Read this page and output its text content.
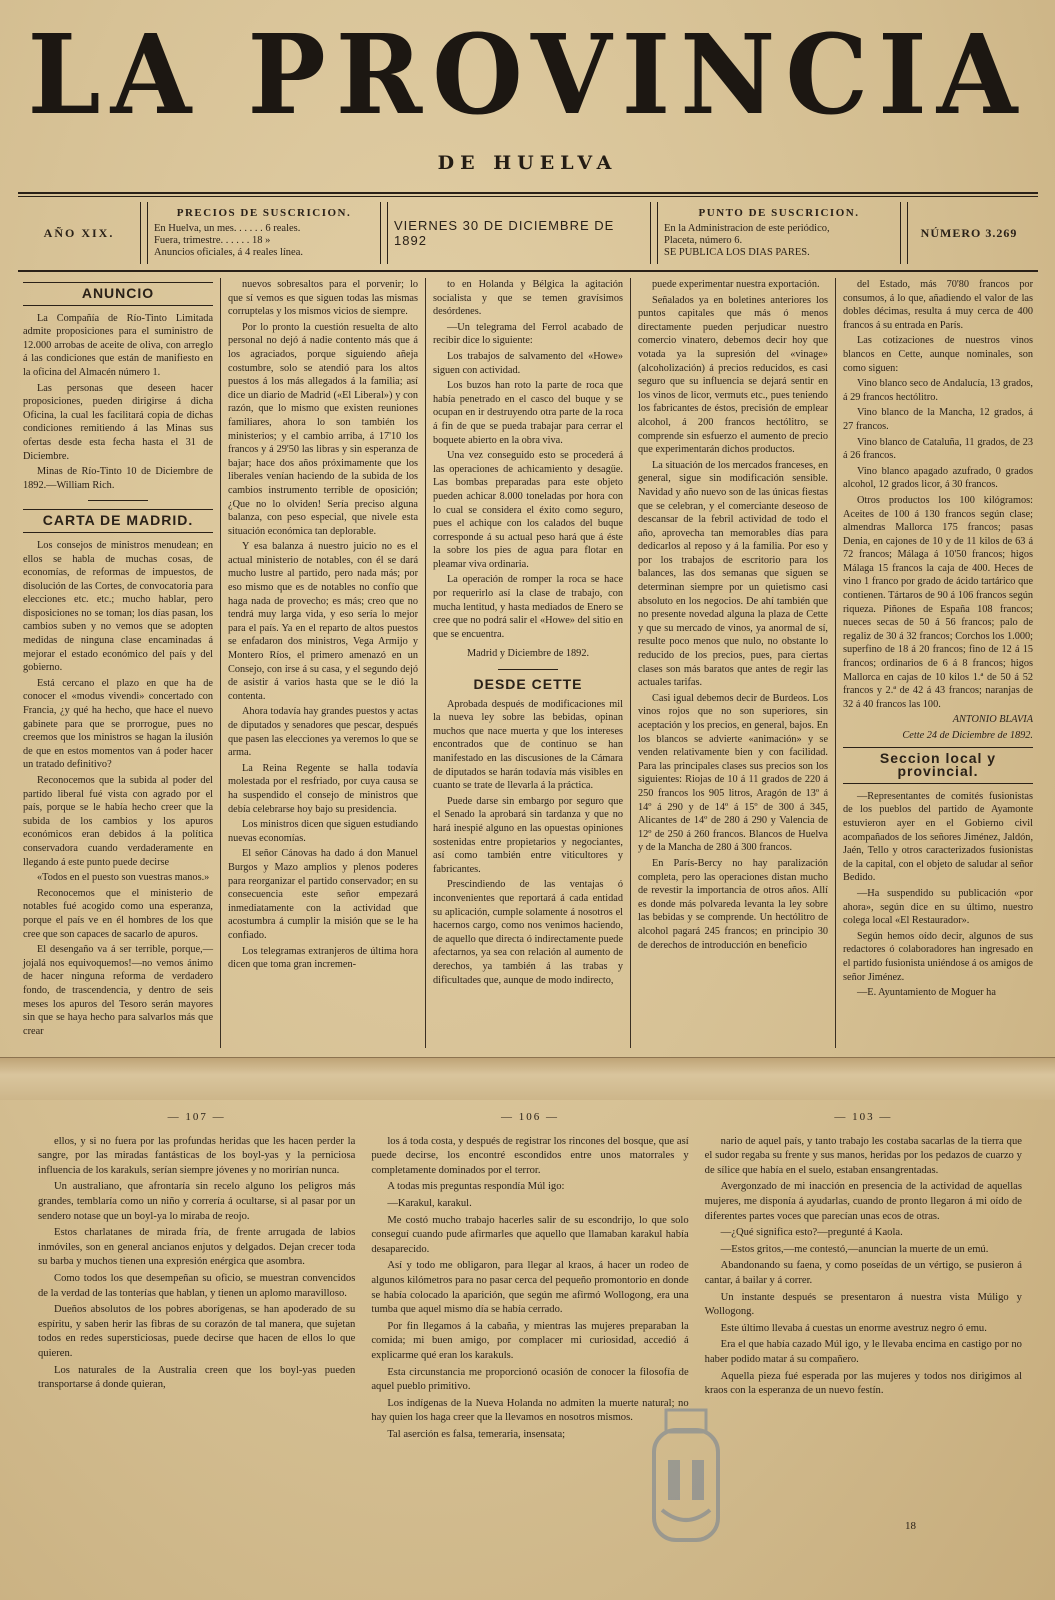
LA PROVINCIA
DE HUELVA
AÑO XIX.
PRECIOS DE SUSCRICION.
En Huelva, un mes. . . . . . 6 reales.
Fuera, trimestre. . . . . . 18 »
Anuncios oficiales, á 4 reales línea.
VIERNES 30 DE DICIEMBRE DE 1892
PUNTO DE SUSCRICION.
En la Administracion de este periódico,
Placeta, número 6.
SE PUBLICA LOS DIAS PARES.
NÚMERO 3.269

ANUNCIO

La Compañía de Río-Tinto Limitada admite proposiciones para el suministro de 12.000 arrobas de aceite de oliva, con arreglo á las condiciones que están de manifiesto en la oficina del Almacén número 1.

Las personas que deseen hacer proposiciones, pueden dirigirse á dicha Oficina, la cual les facilitará copia de dichas condiciones remitiendo á las Minas sus ofertas desde esta fecha hasta el 31 de Diciembre.

Minas de Río-Tinto 10 de Diciembre de 1892.—William Rich.

CARTA DE MADRID.

Los consejos de ministros menudean; en ellos se habla de muchas cosas, de economías, de reformas de impuestos, de disolución de las Cortes, de convocatoria para elecciones etc. etc.; mucho hablar, pero disposiciones no se toman; los días pasan, los cambios suben y no vemos que se adopten medidas de ninguna clase encaminadas á mejorar el estado económico del país y del gobierno.

Está cercano el plazo en que ha de conocer el «modus vivendi» concertado con Francia, ¿y qué ha hecho, que hace el nuevo gabinete para que se prorrogue, pues no creemos que los ministros se hagan la ilusión de que en estos momentos van á poder hacer un tratado definitivo?

Reconocemos que la subida al poder del partido liberal fué vista con agrado por el país, porque se le había hecho creer que la subida de los cambios y los apuros económicos eran debidos á la política conservadora cuando verdaderamente en llegando á este punto puede decirse

«Todos en el puesto son vuestras manos.»

Reconocemos que el ministerio de notables fué acogido como una esperanza, porque el país ve en él hombres de los que cree que son capaces de sacarlo de apuros.

El desengaño va á ser terrible, porque,—jojalá nos equivoquemos!—no vemos ánimo de hacer ninguna reforma de verdadero fondo, de trascendencia, y dentro de seis meses los apuros del Tesoro serán mayores sin que se haya hecho para salvarlos más que crear

nuevos sobresaltos para el porvenir; lo que sí vemos es que siguen todas las mismas corruptelas y los mismos vicios de siempre.

Por lo pronto la cuestión resuelta de alto personal no dejó á nadie contento más que á los agraciados, porque siguiendo añeja costumbre, solo se atendió para los altos puestos á los más allegados á la familia; así dice un diario de Madrid («El Liberal») y con razón, que lo mismo que existen reuniones familiares, ahora lo son también los ministerios; y el cambio arriba, á 17'10 los francos y á 29'50 las libras y sin esperanza de bajar; hace dos años próximamente que los liberales venían haciendo de la subida de los cambios instrumento terrible de oposición; ¿Que no lo olviden! Sería preciso alguna balanza, con peso especial, que nivele esta situación económica tan deplorable.

Y esa balanza á nuestro juicio no es el actual ministerio de notables, con él se dará mucho lustre al partido, pero nada más; por eso mismo que es de notables no confío que haga nada de provecho; es más; creo que no tendrá muy larga vida, y eso sería lo mejor para el país. Ya en el reparto de altos puestos se enfadaron dos ministros, Vega Armijo y Montero Ríos, el primero amenazó en un Consejo, con irse á su casa, y el segundo dejó de asistir á varios hasta que se le dió la contenta.

Ahora todavía hay grandes puestos y actas de diputados y senadores que pescar, después que pasen las elecciones ya veremos lo que se arma.

La Reina Regente se halla todavía molestada por el resfriado, por cuya causa se ha suspendido el consejo de ministros que debía celebrarse hoy bajo su presidencia.

Los ministros dicen que siguen estudiando nuevas economías.

El señor Cánovas ha dado á don Manuel Burgos y Mazo amplios y plenos poderes para reorganizar el partido conservador; en su consecuencia este señor empezará inmediatamente con la actividad que acostumbra á cumplir la misión que se le ha confiado.

Los telegramas extranjeros de última hora dicen que toma gran incremen-

to en Holanda y Bélgica la agitación socialista y que se temen gravísimos desórdenes.

—Un telegrama del Ferrol acabado de recibir dice lo siguiente:

Los trabajos de salvamento del «Howe» siguen con actividad.

Los buzos han roto la parte de roca que había penetrado en el casco del buque y se ocupan en ir destruyendo otra parte de la roca á fin de que se pueda trabajar para cerrar el boquete abierto en la obra viva.

Una vez conseguido esto se procederá á las operaciones de achicamiento y desagüe. Las bombas preparadas para este objeto pueden achicar 8.000 toneladas por hora con lo cual se considera el éxito como seguro, pues el achique con los calados del buque corresponde á su actual peso hará que á éste la sobre los pies de agua para flotar en pleamar viva ordinaria.

La operación de romper la roca se hace por requerirlo así la clase de trabajo, con mucha lentitud, y hasta mediados de Enero se cree que no podrá salir el «Howe» del sitio en que se encuentra.

Madrid y Diciembre de 1892.

DESDE CETTE

Aprobada después de modificaciones mil la nueva ley sobre las bebidas, opinan muchos que nace muerta y que los intereses encontrados que de continuo se han manifestado en las discusiones de la Cámara de diputados se harán todavía más visibles en cuanto se trate de llevarla á la práctica.

Puede darse sin embargo por seguro que el Senado la aprobará sin tardanza y que no hará inespié alguno en las opuestas opiniones sostenidas entre propietarios y negociantes, así como también entre viticultores y fabricantes.

Prescindiendo de las ventajas ó inconvenientes que reportará á cada entidad su aplicación, cumple solamente á nosotros el hacernos cargo, como nos venimos haciendo, de aquello que directa ó indirectamente puede afectarnos, ya sea con relación al aumento de derechos, ya también á las trabas y dificultades que, aunque de modo indirecto,

puede experimentar nuestra exportación.

Señalados ya en boletines anteriores los puntos capitales que más ó menos directamente pueden perjudicar nuestro comercio vinatero, debemos decir hoy que votada ya la supresión del «vinage» (alcoholización) á precios reducidos, es casi seguro que su influencia se dejará sentir en los vinos de licor, vermuts etc., pues teniendo los fabricantes de éstos, precisión de emplear alcohol, á 200 francos hectólitro, se comprende sin esfuerzo el aumento de precio que experimentarán dichos productos.

La situación de los mercados franceses, en general, sigue sin modificación sensible. Navidad y año nuevo son de las únicas fiestas que se celebran, y el comerciante deseoso de descansar de la febril actividad de todo el año, aprovecha tan memorables días para dedicarlos al reposo y á la familia. Por eso y por los trabajos de escritorio para los balances, las dos semanas que siguen se determinan siempre por un quietismo casi absoluto en los negocios. De ahí también que no presente novedad alguna la plaza de Cette y que su mercado de vinos, ya anormal de sí, resulte poco menos que nulo, no obstante lo reducido de los precios, pues, para ciertas clases son más baratos que antes de regir las actuales tarifas.

Casi igual debemos decir de Burdeos. Los vinos rojos que no son superiores, sin aceptación y los precios, en general, bajos. En los blancos se advierte «animación» y se venden relativamente bien y con facilidad. Para las principales clases sus precios son los siguientes: Riojas de 10 á 11 grados de 220 á 250 francos los 905 litros, Aragón de 13º á 14º á 290 y de 14º á 15º de 300 á 345, Alicantes de 14º de 280 á 290 y Valencia de 12º de 250 á 260 francos. Blancos de Huelva y de la Mancha de 280 á 300 francos.

En París-Bercy no hay paralización completa, pero las operaciones distan mucho de revestir la importancia de otros años. Allí es donde más polvareda levanta la ley sobre las bebidas y se comprende. Un hectólitro de alcohol pagará 245 francos; en principio 30 de derechos de introducción en beneficio

del Estado, más 70'80 francos por consumos, á lo que, añadiendo el valor de las dobles décimas, resulta á muy cerca de 400 francos á su entrada en París.

Las cotizaciones de nuestros vinos blancos en Cette, aunque nominales, son como siguen:

Vino blanco seco de Andalucía, 13 grados, á 29 francos hectólitro.

Vino blanco de la Mancha, 12 grados, á 27 francos.

Vino blanco de Cataluña, 11 grados, de 23 á 26 francos.

Vino blanco apagado azufrado, 0 grados alcohol, 12 grados licor, á 30 francos.

Otros productos los 100 kilógramos: Aceites de 100 á 130 francos según clase; almendras Mallorca 175 francos; pasas Denia, en cajones de 10 y de 11 kilos de 63 á 72 francos; Málaga á 10'50 francos; higos Málaga 15 francos la caja de 400. Heces de vino 1 franco por grado de ácido tartárico que contienen. Tártaros de 90 á 106 francos según riqueza. Piñones de España 108 francos; nueces secas de 50 á 56 francos; palo de regaliz de 30 á 32 francos; Corchos los 1.000; superfino de 18 á 20 francos; fino de 12 á 15 francos; ordinarios de 6 á 8 francos; higos Mallorca en cajas de 10 kilos 1.ª de 50 á 52 francos y 2.ª de 42 á 43 francos; naranjas de 32 á 40 francos las 100.

ANTONIO BLAVIA

Cette 24 de Diciembre de 1892.

Seccion local y provincial.

—Representantes de comités fusionistas de los pueblos del partido de Ayamonte estuvieron ayer en el Gobierno civil acompañados de los señores Jiménez, Jaldón, Jaén, Tello y otros caracterizados fusionistas de la capital, con el objeto de saludar al señor Bedido.

—Ha suspendido su publicación «por ahora», según dice en su último, nuestro colega local «El Restaurador».

Según hemos oído decir, algunos de sus redactores ó colaboradores han ingresado en el partido fusionista uniéndose á os amigos de señor Jiménez.

—E. Ayuntamiento de Moguer ha

— 107 —

ellos, y si no fuera por las profundas heridas que les hacen perder la sangre, por las miradas fantásticas de los boyl-yas y la perniciosa influencia de los karakuls, serían siempre jóvenes y no morirían nunca.

Un australiano, que afrontaría sin recelo alguno los peligros más grandes, temblaría como un niño y correría á ocultarse, si al pasar por un sendero notase que un boyl-ya lo miraba de reojo.

Estos charlatanes de mirada fría, de frente arrugada de labios inmóviles, son en general ancianos enjutos y delgados. Dejan crecer toda su barba y muchos tienen una expresión enérgica que asombra.

Como todos los que desempeñan su oficio, se muestran convencidos de la verdad de las tonterías que hablan, y tienen un aplomo maravilloso.

Dueños absolutos de los pobres aborígenas, se han apoderado de su espíritu, y saben herir las fibras de su corazón de tal manera, que sujetan todos en redes supersticiosas, puede decirse que hacen de ellos lo que quieren.

Los naturales de la Australia creen que los boyl-yas pueden transportarse á donde quieran,

— 106 —

los á toda costa, y después de registrar los rincones del bosque, que así puede decirse, los encontré escondidos entre unos matorrales y completamente dominados por el terror.

A todas mis preguntas respondía Múl igo:

—Karakul, karakul.

Me costó mucho trabajo hacerles salir de su escondrijo, lo que solo conseguí cuando pude afirmarles que aquello que llamaban karakul había desaparecido.

Así y todo me obligaron, para llegar al kraos, á hacer un rodeo de algunos kilómetros para no pasar cerca del pequeño promontorio en donde se había colocado la aparición, que según me afirmó Wollogong, era una tumba que aquel mismo día se había cerrado.

Por fin llegamos á la cabaña, y mientras las mujeres preparaban la comida; mi buen amigo, por complacer mi curiosidad, accedió á explicarme qué eran los karakuls.

Esta circunstancia me proporcionó ocasión de conocer la filosofía de aquel pueblo primitivo.

Los indígenas de la Nueva Holanda no admiten la muerte natural; no hay quien los haga creer que la llevamos en nosotros mismos.

Tal aserción es falsa, temeraria, insensata;

— 103 —

nario de aquel país, y tanto trabajo les costaba sacarlas de la tierra que el sudor regaba su frente y sus manos, heridas por los pedazos de cuarzo y de sílice que había en el suelo, estaban ensangrentadas.

Avergonzado de mi inacción en presencia de la actividad de aquellas mujeres, me disponía á ayudarlas, cuando de pronto llegaron á mi oído de diferentes partes voces que parecían unas ecos de otras.

—¿Qué significa esto?—pregunté á Kaola.

—Estos gritos,—me contestó,—anuncian la muerte de un emú.

Abandonando su faena, y como poseídas de un vértigo, se pusieron á cantar, á bailar y á correr.

Un instante después se presentaron á nuestra vista Múligo y Wollogong.

Este último llevaba á cuestas un enorme avestruz negro ó emu.

Era el que había cazado Múl igo, y le llevaba encima en castigo por no haber podido matar á su compañero.

Aquella pieza fué esperada por las mujeres y todos nos dirigimos al kraos con la esperanza de un nuevo festín.

18
